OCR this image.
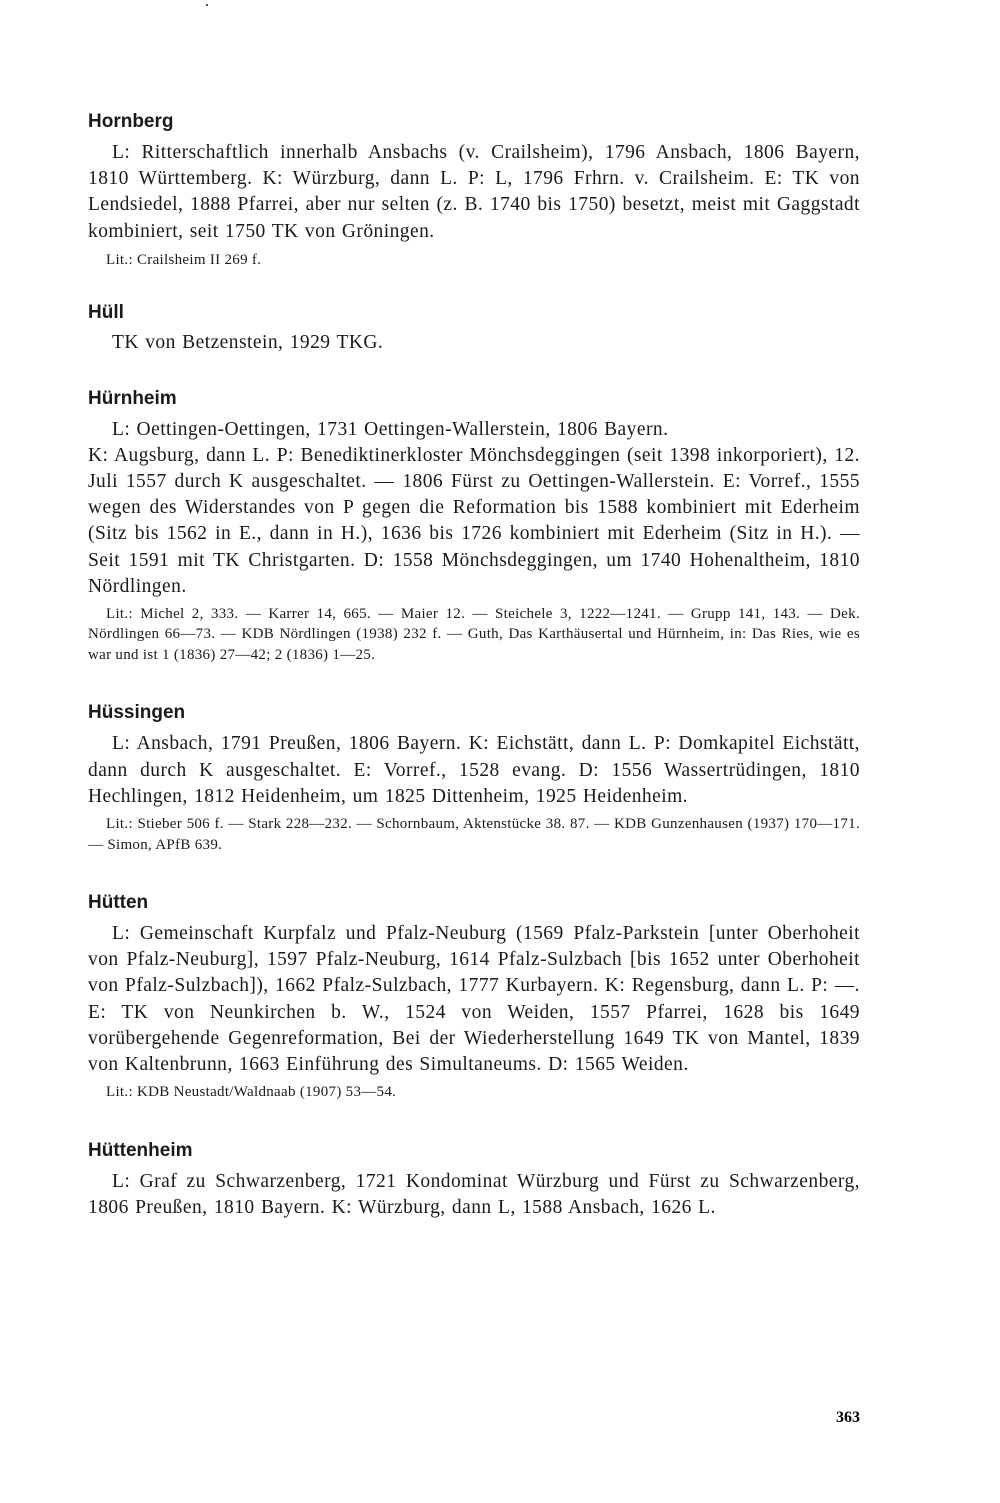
Hornberg

L: Ritterschaftlich innerhalb Ansbachs (v. Crailsheim), 1796 Ansbach, 1806 Bayern, 1810 Württemberg. K: Würzburg, dann L. P: L, 1796 Frhrn. v. Crailsheim. E: TK von Lendsiedel, 1888 Pfarrei, aber nur selten (z. B. 1740 bis 1750) besetzt, meist mit Gaggstadt kombiniert, seit 1750 TK von Gröningen.

Lit.: Crailsheim II 269 f.

Hüll

TK von Betzenstein, 1929 TKG.

Hürnheim

L: Oettingen-Oettingen, 1731 Oettingen-Wallerstein, 1806 Bayern.

K: Augsburg, dann L. P: Benediktinerkloster Mönchsdeggingen (seit 1398 inkorporiert), 12. Juli 1557 durch K ausgeschaltet. — 1806 Fürst zu Oettingen-Wallerstein. E: Vorref., 1555 wegen des Widerstandes von P gegen die Reformation bis 1588 kombiniert mit Ederheim (Sitz bis 1562 in E., dann in H.), 1636 bis 1726 kombiniert mit Ederheim (Sitz in H.). — Seit 1591 mit TK Christgarten. D: 1558 Mönchsdeggingen, um 1740 Hohenaltheim, 1810 Nördlingen.

Lit.: Michel 2, 333. — Karrer 14, 665. — Maier 12. — Steichele 3, 1222—1241. — Grupp 141, 143. — Dek. Nördlingen 66—73. — KDB Nördlingen (1938) 232 f. — Guth, Das Karthäusertal und Hürnheim, in: Das Ries, wie es war und ist 1 (1836) 27—42; 2 (1836) 1—25.

Hüssingen

L: Ansbach, 1791 Preußen, 1806 Bayern. K: Eichstätt, dann L. P: Domkapitel Eichstätt, dann durch K ausgeschaltet. E: Vorref., 1528 evang. D: 1556 Wassertrüdingen, 1810 Hechlingen, 1812 Heidenheim, um 1825 Dittenheim, 1925 Heidenheim.

Lit.: Stieber 506 f. — Stark 228—232. — Schornbaum, Aktenstücke 38. 87. — KDB Gunzenhausen (1937) 170—171. — Simon, APfB 639.

Hütten

L: Gemeinschaft Kurpfalz und Pfalz-Neuburg (1569 Pfalz-Parkstein [unter Oberhoheit von Pfalz-Neuburg], 1597 Pfalz-Neuburg, 1614 Pfalz-Sulzbach [bis 1652 unter Oberhoheit von Pfalz-Sulzbach]), 1662 Pfalz-Sulzbach, 1777 Kurbayern. K: Regensburg, dann L. P: —. E: TK von Neunkirchen b. W., 1524 von Weiden, 1557 Pfarrei, 1628 bis 1649 vorübergehende Gegenreformation, Bei der Wiederherstellung 1649 TK von Mantel, 1839 von Kaltenbrunn, 1663 Einführung des Simultaneums. D: 1565 Weiden.

Lit.: KDB Neustadt/Waldnaab (1907) 53—54.

Hüttenheim

L: Graf zu Schwarzenberg, 1721 Kondominat Würzburg und Fürst zu Schwarzenberg, 1806 Preußen, 1810 Bayern. K: Würzburg, dann L, 1588 Ansbach, 1626 L.

363
